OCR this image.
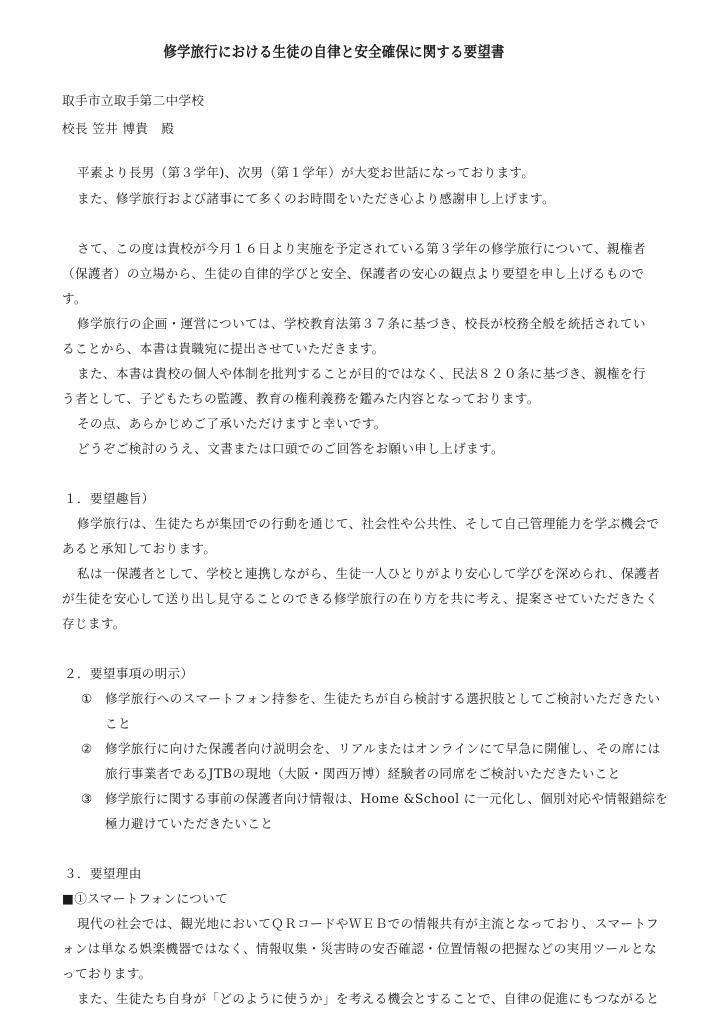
修学旅行における生徒の自律と安全確保に関する要望書
取手市立取手第二中学校
校長 笠井 博貴　殿
平素より長男（第３学年)、次男（第１学年）が大変お世話になっております。
また、修学旅行および諸事にて多くのお時間をいただき心より感謝申し上げます。
さて、この度は貴校が今月１６日より実施を予定されている第３学年の修学旅行について、親権者
（保護者）の立場から、生徒の自律的学びと安全、保護者の安心の観点より要望を申し上げるもので
す。
修学旅行の企画・運営については、学校教育法第３７条に基づき、校長が校務全般を統括されてい
ることから、本書は貴職宛に提出させていただきます。
また、本書は貴校の個人や体制を批判することが目的ではなく、民法８２０条に基づき、親権を行
う者として、子どもたちの監護、教育の権利義務を鑑みた内容となっております。
その点、あらかじめご了承いただけますと幸いです。
どうぞご検討のうえ、文書または口頭でのご回答をお願い申し上げます。
１．要望趣旨）
修学旅行は、生徒たちが集団での行動を通じて、社会性や公共性、そして自己管理能力を学ぶ機会で
あると承知しております。
私は一保護者として、学校と連携しながら、生徒一人ひとりがより安心して学びを深められ、保護者
が生徒を安心して送り出し見守ることのできる修学旅行の在り方を共に考え、提案させていただきたく
存じます。
２．要望事項の明示）
① 修学旅行へのスマートフォン持参を、生徒たちが自ら検討する選択肢としてご検討いただきたい
こと
② 修学旅行に向けた保護者向け説明会を、リアルまたはオンラインにて早急に開催し、その席には
旅行事業者であるJTBの現地（大阪・関西万博）経験者の同席をご検討いただきたいこと
③ 修学旅行に関する事前の保護者向け情報は、Home &School に一元化し、個別対応や情報錯綜を
極力避けていただきたいこと
３．要望理由
■①スマートフォンについて
現代の社会では、観光地においてＱＲコードやＷＥＢでの情報共有が主流となっており、スマートフ
ォンは単なる娯楽機器ではなく、情報収集・災害時の安否確認・位置情報の把握などの実用ツールとな
っております。
また、生徒たち自身が「どのように使うか」を考える機会とすることで、自律の促進にもつながると
